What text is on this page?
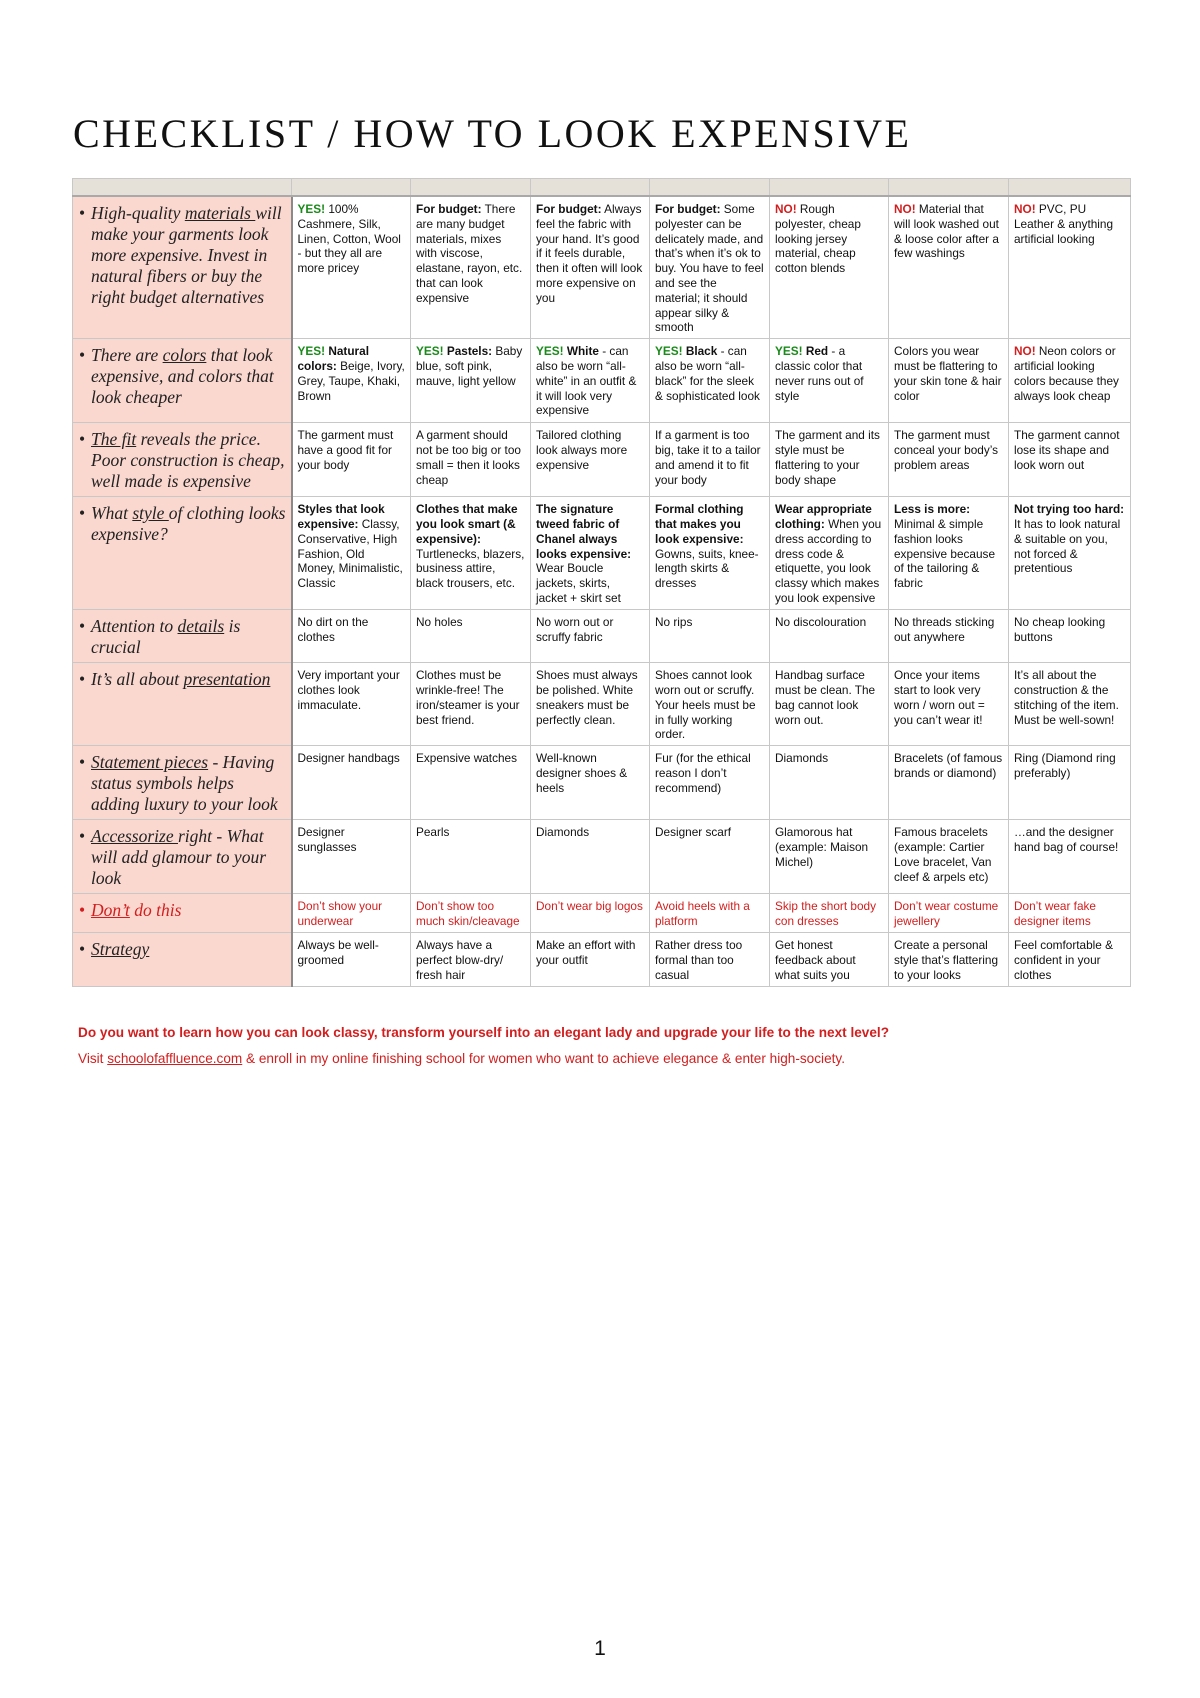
CHECKLIST / HOW TO LOOK EXPENSIVE

• High-quality materials will make your garments look more expensive. Invest in natural fibers or buy the right budget alternatives	YES! 100% Cashmere, Silk, Linen, Cotton, Wool - but they all are more pricey	For budget: There are many budget materials, mixes with viscose, elastane, rayon, etc. that can look expensive	For budget: Always feel the fabric with your hand. It’s good if it feels durable, then it often will look more expensive on you	For budget: Some polyester can be delicately made, and that’s when it’s ok to buy. You have to feel and see the material; it should appear silky & smooth	NO! Rough polyester, cheap looking jersey material, cheap cotton blends	NO! Material that will look washed out & loose color after a few washings	NO! PVC, PU Leather & anything artificial looking

• There are colors that look expensive, and colors that look cheaper	YES! Natural colors: Beige, Ivory, Grey, Taupe, Khaki, Brown	YES! Pastels: Baby blue, soft pink, mauve, light yellow	YES! White - can also be worn “all-white” in an outfit & it will look very expensive	YES! Black - can also be worn “all-black” for the sleek & sophisticated look	YES! Red - a classic color that never runs out of style	Colors you wear must be flattering to your skin tone & hair color	NO! Neon colors or artificial looking colors because they always look cheap

• The fit reveals the price. Poor construction is cheap, well made is expensive	The garment must have a good fit for your body	A garment should not be too big or too small = then it looks cheap	Tailored clothing look always more expensive	If a garment is too big, take it to a tailor and amend it to fit your body	The garment and its style must be flattering to your body shape	The garment must conceal your body’s problem areas	The garment cannot lose its shape and look worn out

• What style of clothing looks expensive?	Styles that look expensive: Classy, Conservative, High Fashion, Old Money, Minimalistic, Classic	Clothes that make you look smart (& expensive): Turtlenecks, blazers, business attire, black trousers, etc.	The signature tweed fabric of Chanel always looks expensive: Wear Boucle jackets, skirts, jacket + skirt set	Formal clothing that makes you look expensive: Gowns, suits, knee-length skirts & dresses	Wear appropriate clothing: When you dress according to dress code & etiquette, you look classy which makes you look expensive	Less is more: Minimal & simple fashion looks expensive because of the tailoring & fabric	Not trying too hard: It has to look natural & suitable on you, not forced & pretentious

• Attention to details is crucial	No dirt on the clothes	No holes	No worn out or scruffy fabric	No rips	No discolouration	No threads sticking out anywhere	No cheap looking buttons

• It’s all about presentation	Very important your clothes look immaculate.	Clothes must be wrinkle-free! The iron/steamer is your best friend.	Shoes must always be polished. White sneakers must be perfectly clean.	Shoes cannot look worn out or scruffy. Your heels must be in fully working order.	Handbag surface must be clean. The bag cannot look worn out.	Once your items start to look very worn / worn out = you can’t wear it!	It’s all about the construction & the stitching of the item. Must be well-sown!

• Statement pieces - Having status symbols helps adding luxury to your look	Designer handbags	Expensive watches	Well-known designer shoes & heels	Fur (for the ethical reason I don’t recommend)	Diamonds	Bracelets (of famous brands or diamond)	Ring (Diamond ring preferably)

• Accessorize right - What will add glamour to your look	Designer sunglasses	Pearls	Diamonds	Designer scarf	Glamorous hat (example: Maison Michel)	Famous bracelets (example: Cartier Love bracelet, Van cleef & arpels etc)	…and the designer hand bag of course!

• Don’t do this	Don’t show your underwear	Don’t show too much skin/cleavage	Don’t wear big logos	Avoid heels with a platform	Skip the short body con dresses	Don’t wear costume jewellery	Don’t wear fake designer items

• Strategy	Always be well-groomed	Always have a perfect blow-dry/ fresh hair	Make an effort with your outfit	Rather dress too formal than too casual	Get honest feedback about what suits you	Create a personal style that’s flattering to your looks	Feel comfortable & confident in your clothes
Do you want to learn how you can look classy, transform yourself into an elegant lady and upgrade your life to the next level?
Visit schoolofaffluence.com & enroll in my online finishing school for women who want to achieve elegance & enter high-society.
1
